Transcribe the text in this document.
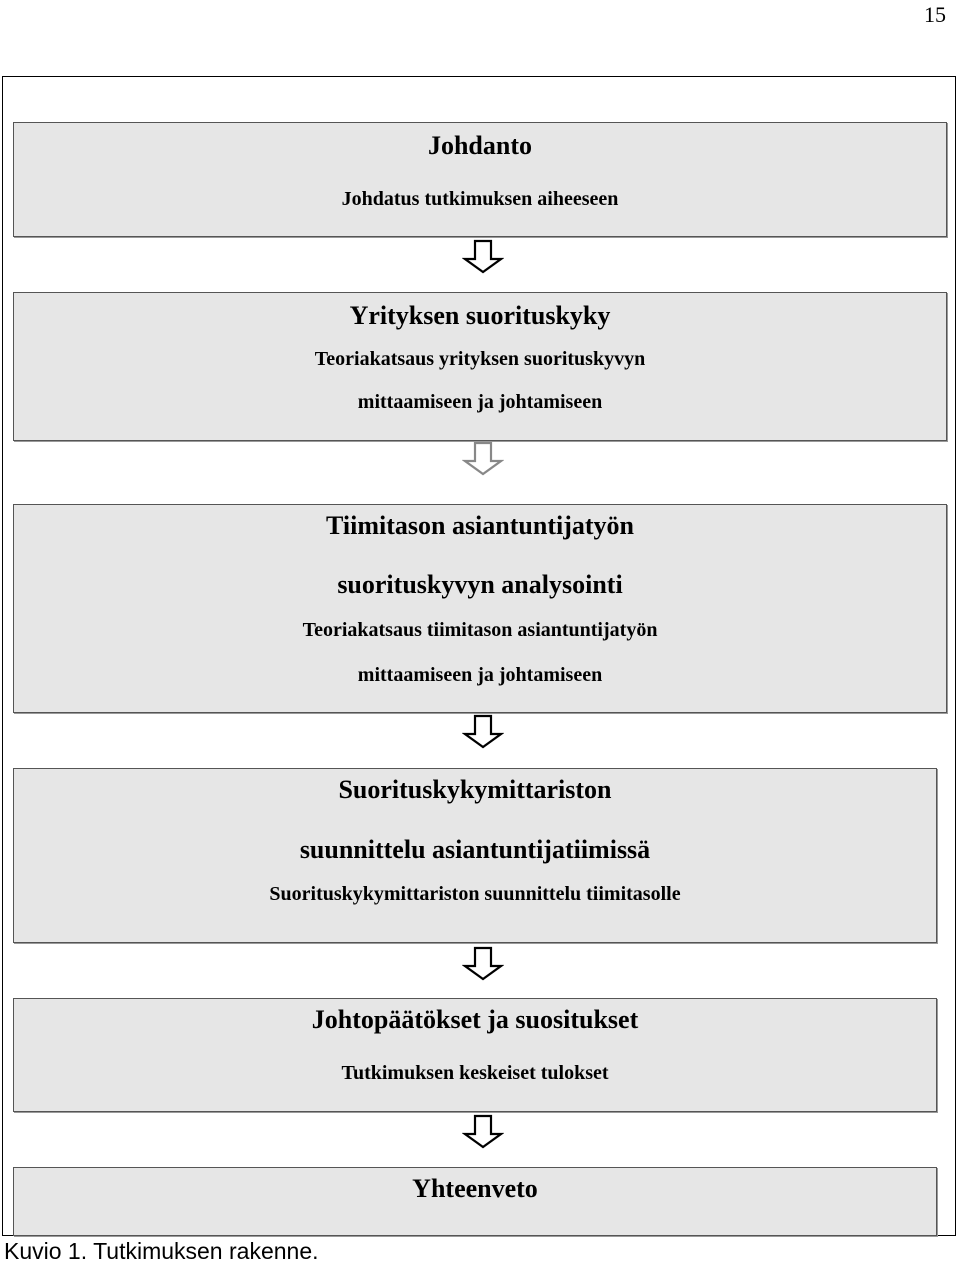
15
Johdanto
Johdatus tutkimuksen aiheeseen
Yrityksen suorituskyky
Teoriakatsaus yrityksen suorituskyvyn
mittaamiseen ja johtamiseen
Tiimitason asiantuntijatyön
suorituskyvyn analysointi
Teoriakatsaus tiimitason asiantuntijatyön
mittaamiseen ja johtamiseen
Suorituskykymittariston
suunnittelu asiantuntijatiimissä
Suorituskykymittariston suunnittelu tiimitasolle
Johtopäätökset ja suositukset
Tutkimuksen keskeiset tulokset
Yhteenveto
Kuvio 1. Tutkimuksen rakenne.
